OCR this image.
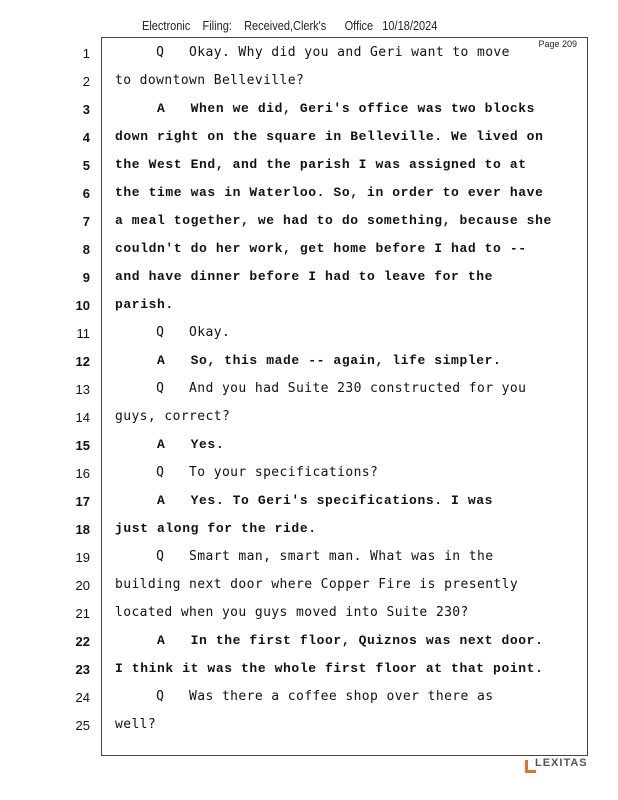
Electronic    Filing:    Received,Clerk's      Office   10/18/2024
Page 209
1 Q   Okay. Why did you and Geri want to move
2 to downtown Belleville?
3 A   When we did, Geri's office was two blocks
4 down right on the square in Belleville. We lived on
5 the West End, and the parish I was assigned to at
6 the time was in Waterloo. So, in order to ever have
7 a meal together, we had to do something, because she
8 couldn't do her work, get home before I had to --
9 and have dinner before I had to leave for the
10 parish.
11 Q   Okay.
12 A   So, this made -- again, life simpler.
13 Q   And you had Suite 230 constructed for you
14 guys, correct?
15 A   Yes.
16 Q   To your specifications?
17 A   Yes. To Geri's specifications. I was
18 just along for the ride.
19 Q   Smart man, smart man. What was in the
20 building next door where Copper Fire is presently
21 located when you guys moved into Suite 230?
22 A   In the first floor, Quiznos was next door.
23 I think it was the whole first floor at that point.
24 Q   Was there a coffee shop over there as
25 well?
LEXITAS
